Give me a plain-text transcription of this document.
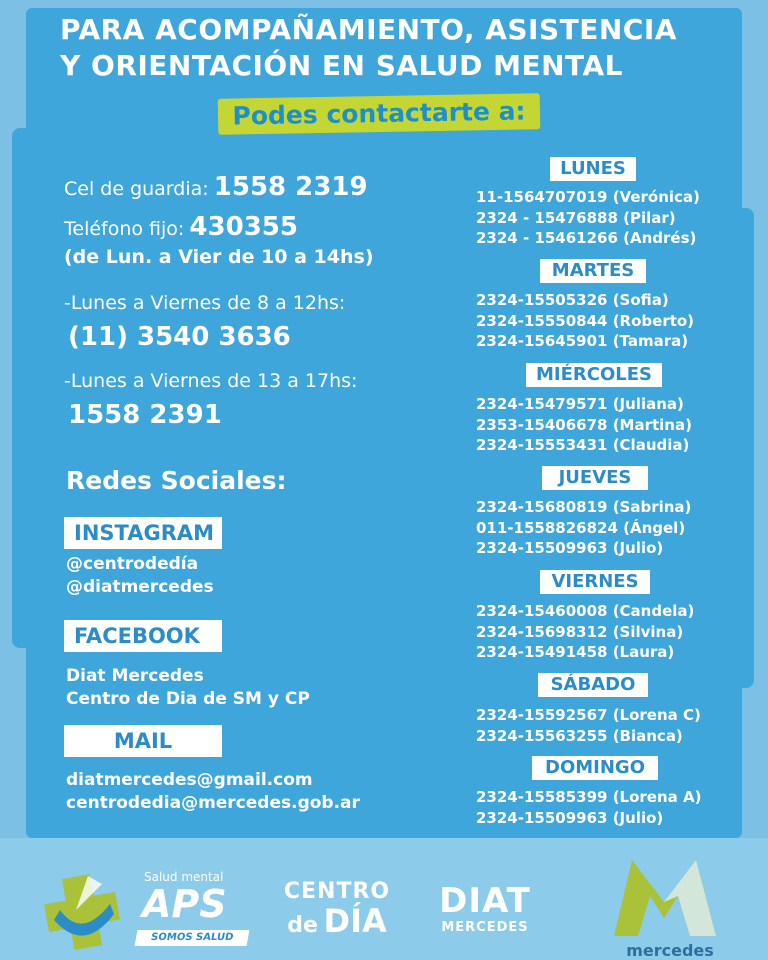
PARA ACOMPAÑAMIENTO, ASISTENCIA
Y ORIENTACIÓN EN SALUD MENTAL
Podes contactarte a:
Cel de guardia: 1558 2319
Teléfono fijo: 430355
(de Lun. a Vier de 10 a 14hs)
-Lunes a Viernes de 8 a 12hs:
(11) 3540 3636
-Lunes a Viernes de 13 a 17hs:
1558 2391
Redes Sociales:
INSTAGRAM
@centrodedía
@diatmercedes
FACEBOOK
Diat Mercedes
Centro de Dia de SM y CP
MAIL
diatmercedes@gmail.com
centrodedia@mercedes.gob.ar
LUNES
11-1564707019 (Verónica)
2324 - 15476888 (Pilar)
2324 - 15461266 (Andrés)
MARTES
2324-15505326 (Sofia)
2324-15550844 (Roberto)
2324-15645901 (Tamara)
MIÉRCOLES
2324-15479571 (Juliana)
2353-15406678 (Martina)
2324-15553431 (Claudia)
JUEVES
2324-15680819 (Sabrina)
011-1558826824 (Ángel)
2324-15509963 (Julio)
VIERNES
2324-15460008 (Candela)
2324-15698312 (Silvina)
2324-15491458 (Laura)
SÁBADO
2324-15592567 (Lorena C)
2324-15563255 (Bianca)
DOMINGO
2324-15585399 (Lorena A)
2324-15509963 (Julio)
Salud mental
APS
SOMOS SALUD
CENTRO
de DÍA DIAT
MERCEDES
mercedes
